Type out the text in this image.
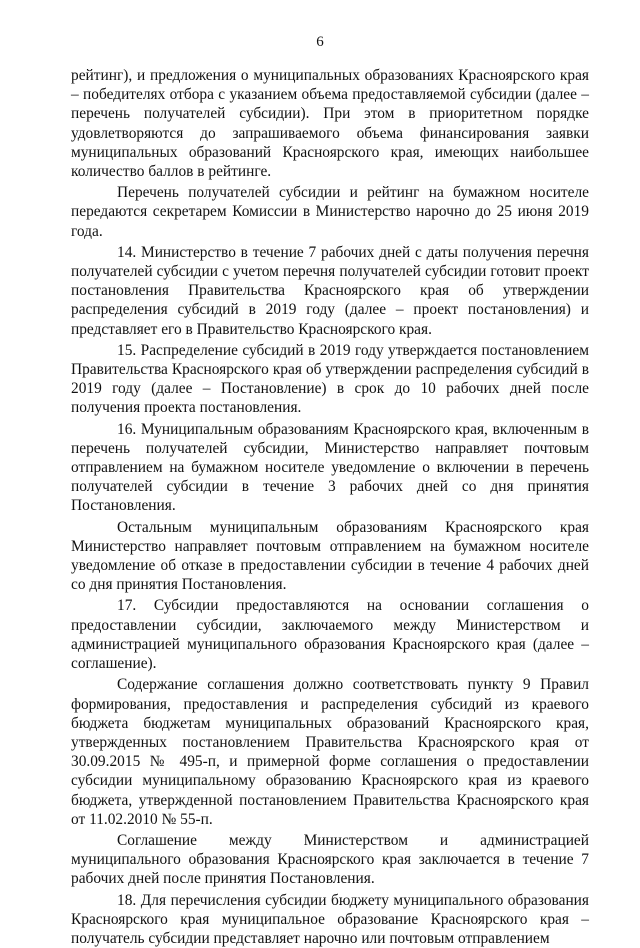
6

рейтинг), и предложения о муниципальных образованиях Красноярского края – победителях отбора с указанием объема предоставляемой субсидии (далее – перечень получателей субсидии). При этом в приоритетном порядке удовлетворяются до запрашиваемого объема финансирования заявки муниципальных образований Красноярского края, имеющих наибольшее количество баллов в рейтинге.

Перечень получателей субсидии и рейтинг на бумажном носителе передаются секретарем Комиссии в Министерство нарочно до 25 июня 2019 года.

14. Министерство в течение 7 рабочих дней с даты получения перечня получателей субсидии с учетом перечня получателей субсидии готовит проект постановления Правительства Красноярского края об утверждении распределения субсидий в 2019 году (далее – проект постановления) и представляет его в Правительство Красноярского края.

15. Распределение субсидий в 2019 году утверждается постановлением Правительства Красноярского края об утверждении распределения субсидий в 2019 году (далее – Постановление) в срок до 10 рабочих дней после получения проекта постановления.

16. Муниципальным образованиям Красноярского края, включенным в перечень получателей субсидии, Министерство направляет почтовым отправлением на бумажном носителе уведомление о включении в перечень получателей субсидии в течение 3 рабочих дней со дня принятия Постановления.

Остальным муниципальным образованиям Красноярского края Министерство направляет почтовым отправлением на бумажном носителе уведомление об отказе в предоставлении субсидии в течение 4 рабочих дней со дня принятия Постановления.

17. Субсидии предоставляются на основании соглашения о предоставлении субсидии, заключаемого между Министерством и администрацией муниципального образования Красноярского края (далее – соглашение).

Содержание соглашения должно соответствовать пункту 9 Правил формирования, предоставления и распределения субсидий из краевого бюджета бюджетам муниципальных образований Красноярского края, утвержденных постановлением Правительства Красноярского края от 30.09.2015 № 495-п, и примерной форме соглашения о предоставлении субсидии муниципальному образованию Красноярского края из краевого бюджета, утвержденной постановлением Правительства Красноярского края от 11.02.2010 № 55-п.

Соглашение между Министерством и администрацией муниципального образования Красноярского края заключается в течение 7 рабочих дней после принятия Постановления.

18. Для перечисления субсидии бюджету муниципального образования Красноярского края муниципальное образование Красноярского края – получатель субсидии представляет нарочно или почтовым отправлением
